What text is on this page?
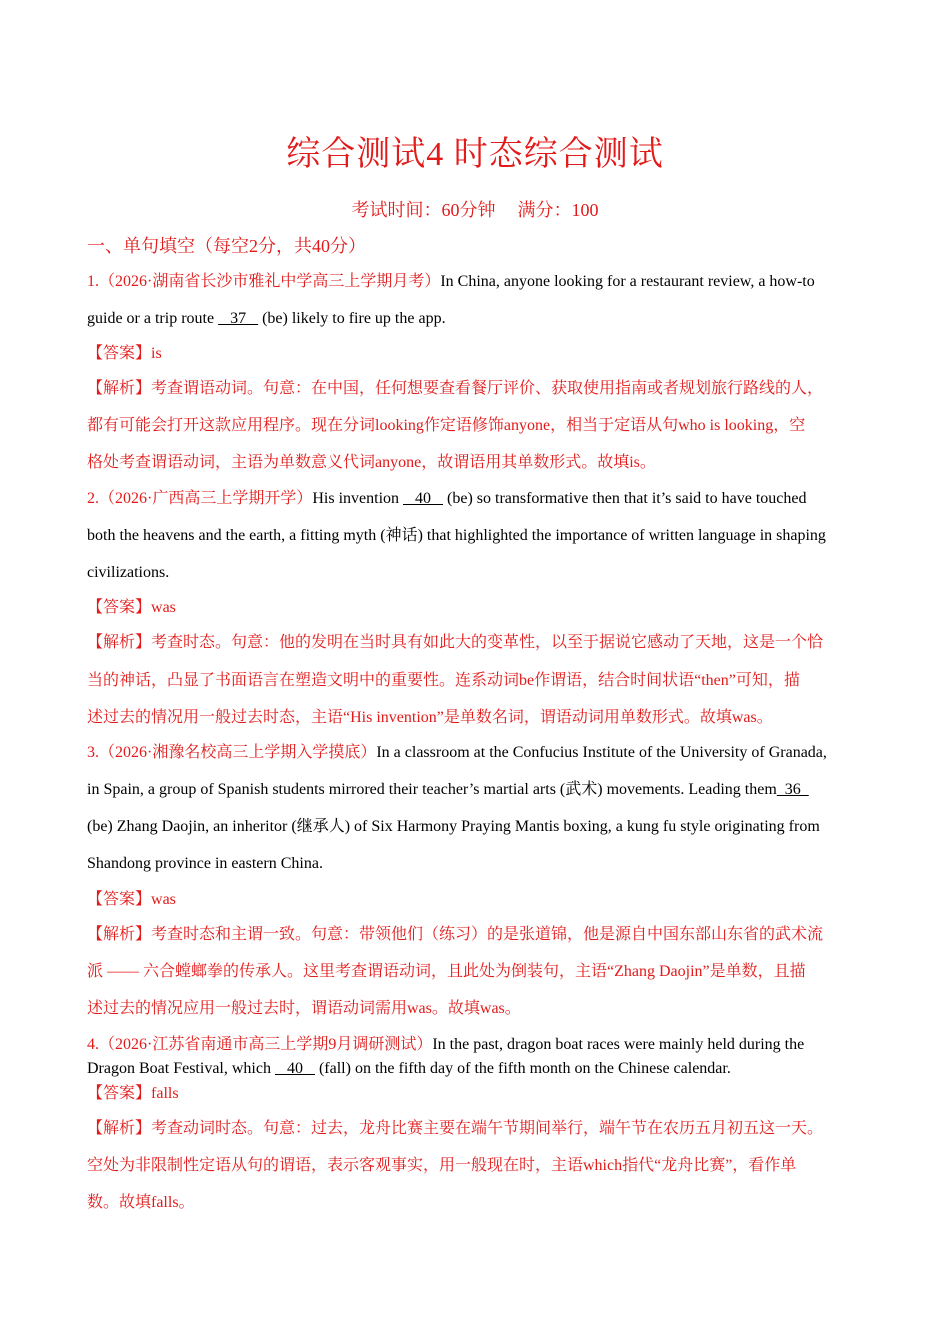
综合测试4 时态综合测试
考试时间：60分钟 满分：100
一、单句填空（每空2分，共40分）
1.（2026·湖南省长沙市雅礼中学高三上学期月考）In China, anyone looking for a restaurant review, a how-to
guide or a trip route    37    (be) likely to fire up the app.
【答案】is
【解析】考查谓语动词。句意：在中国，任何想要查看餐厅评价、获取使用指南或者规划旅行路线的人，
都有可能会打开这款应用程序。现在分词looking作定语修饰anyone，相当于定语从句who is looking，空
格处考查谓语动词，主语为单数意义代词anyone，故谓语用其单数形式。故填is。
2.（2026·广西高三上学期开学）His invention    40    (be) so transformative then that it’s said to have touched
both the heavens and the earth, a fitting myth (神话) that highlighted the importance of written language in shaping
civilizations.
【答案】was
【解析】考查时态。句意：他的发明在当时具有如此大的变革性，以至于据说它感动了天地，这是一个恰
当的神话，凸显了书面语言在塑造文明中的重要性。连系动词be作谓语，结合时间状语“then”可知，描
述过去的情况用一般过去时态，主语“His invention”是单数名词，谓语动词用单数形式。故填was。
3.（2026·湘豫名校高三上学期入学摸底）In a classroom at the Confucius Institute of the University of Granada,
in Spain, a group of Spanish students mirrored their teacher’s martial arts (武术) movements. Leading them  36
(be) Zhang Daojin, an inheritor (继承人) of Six Harmony Praying Mantis boxing, a kung fu style originating from
Shandong province in eastern China.
【答案】was
【解析】考查时态和主谓一致。句意：带领他们（练习）的是张道锦，他是源自中国东部山东省的武术流
派 —— 六合螳螂拳的传承人。这里考查谓语动词，且此处为倒装句，主语“Zhang Daojin”是单数，且描
述过去的情况应用一般过去时，谓语动词需用was。故填was。
4.（2026·江苏省南通市高三上学期9月调研测试）In the past, dragon boat races were mainly held during the
Dragon Boat Festival, which    40    (fall) on the fifth day of the fifth month on the Chinese calendar.
【答案】falls
【解析】考查动词时态。句意：过去，龙舟比赛主要在端午节期间举行，端午节在农历五月初五这一天。
空处为非限制性定语从句的谓语，表示客观事实，用一般现在时，主语which指代“龙舟比赛”，看作单
数。故填falls。
